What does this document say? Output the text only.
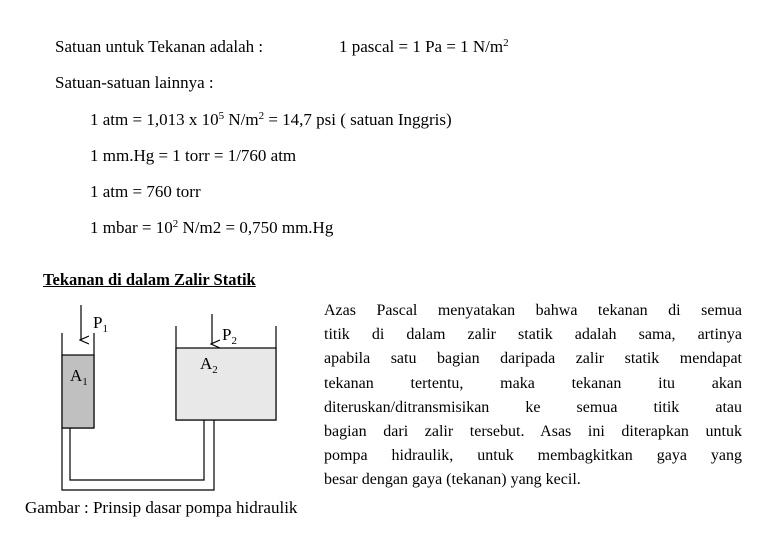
Satuan untuk Tekanan adalah :	1 pascal = 1 Pa = 1 $N/m^2$
Satuan-satuan lainnya :
1 atm = 1,013 x $10^5$ $N/m^2 = 14,7$ psi ( satuan Inggris)
1 mm.Hg = 1 torr = 1/760 atm
1 atm = 760 torr
1 mbar = $10^2$ N/m2 = 0,750 mm.Hg
Tekanan di dalam Zalir Statik
$P_1$	$P_2$
$A_1$
$A_2$
Gambar : Prinsip dasar pompa hidraulik
Azas Pascal menyatakan bahwa tekanan di semua
titik di dalam zalir statik adalah sama, artinya
apabila satu bagian daripada zalir statik mendapat
tekanan tertentu, maka tekanan itu akan
diteruskan/ditransmisikan ke semua titik atau
bagian dari zalir tersebut. Asas ini diterapkan untuk
pompa hidraulik, untuk membagkitkan gaya yang
besar dengan gaya (tekanan) yang kecil.
